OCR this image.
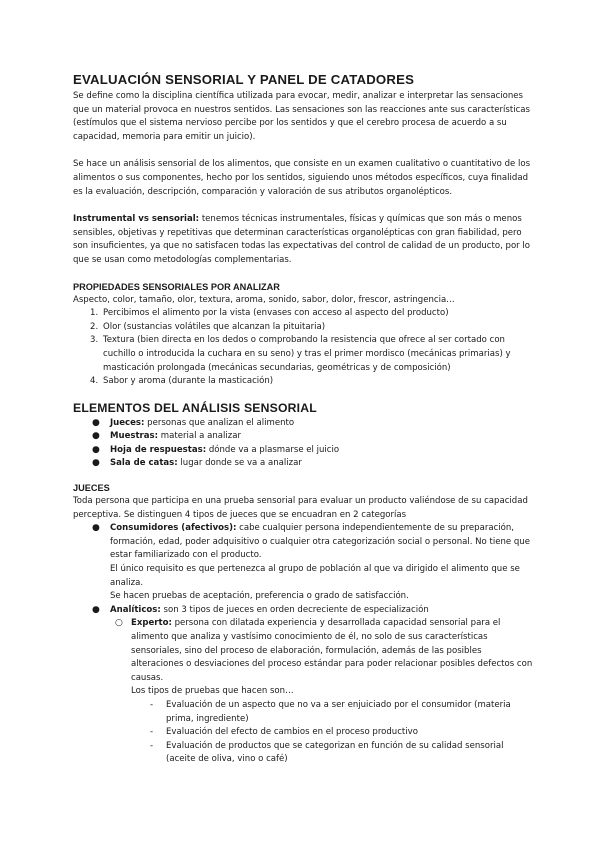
EVALUACIÓN SENSORIAL Y PANEL DE CATADORES

Se define como la disciplina científica utilizada para evocar, medir, analizar e interpretar las sensaciones que un material provoca en nuestros sentidos. Las sensaciones son las reacciones ante sus características (estímulos que el sistema nervioso percibe por los sentidos y que el cerebro procesa de acuerdo a su capacidad, memoria para emitir un juicio).

Se hace un análisis sensorial de los alimentos, que consiste en un examen cualitativo o cuantitativo de los alimentos o sus componentes, hecho por los sentidos, siguiendo unos métodos específicos, cuya finalidad es la evaluación, descripción, comparación y valoración de sus atributos organolépticos.

Instrumental vs sensorial: tenemos técnicas instrumentales, físicas y químicas que son más o menos sensibles, objetivas y repetitivas que determinan características organolépticas con gran fiabilidad, pero son insuficientes, ya que no satisfacen todas las expectativas del control de calidad de un producto, por lo que se usan como metodologías complementarias.

PROPIEDADES SENSORIALES POR ANALIZAR

Aspecto, color, tamaño, olor, textura, aroma, sonido, sabor, dolor, frescor, astringencia…

1. Percibimos el alimento por la vista (envases con acceso al aspecto del producto)
2. Olor (sustancias volátiles que alcanzan la pituitaria)
3. Textura (bien directa en los dedos o comprobando la resistencia que ofrece al ser cortado con cuchillo o introducida la cuchara en su seno) y tras el primer mordisco (mecánicas primarias) y masticación prolongada (mecánicas secundarias, geométricas y de composición)
4. Sabor y aroma (durante la masticación)
ELEMENTOS DEL ANÁLISIS SENSORIAL
● Jueces: personas que analizan el alimento
● Muestras: material a analizar
● Hoja de respuestas: dónde va a plasmarse el juicio
● Sala de catas: lugar donde se va a analizar
JUECES

Toda persona que participa en una prueba sensorial para evaluar un producto valiéndose de su capacidad perceptiva. Se distinguen 4 tipos de jueces que se encuadran en 2 categorías

● Consumidores (afectivos): cabe cualquier persona independientemente de su preparación, formación, edad, poder adquisitivo o cualquier otra categorización social o personal. No tiene que estar familiarizado con el producto.
El único requisito es que pertenezca al grupo de población al que va dirigido el alimento que se analiza.
Se hacen pruebas de aceptación, preferencia o grado de satisfacción.
● Analíticos: son 3 tipos de jueces en orden decreciente de especialización
○ Experto: persona con dilatada experiencia y desarrollada capacidad sensorial para el alimento que analiza y vastísimo conocimiento de él, no solo de sus características sensoriales, sino del proceso de elaboración, formulación, además de las posibles alteraciones o desviaciones del proceso estándar para poder relacionar posibles defectos con causas.
Los tipos de pruebas que hacen son…
- Evaluación de un aspecto que no va a ser enjuiciado por el consumidor (materia prima, ingrediente)
- Evaluación del efecto de cambios en el proceso productivo
- Evaluación de productos que se categorizan en función de su calidad sensorial (aceite de oliva, vino o café)
